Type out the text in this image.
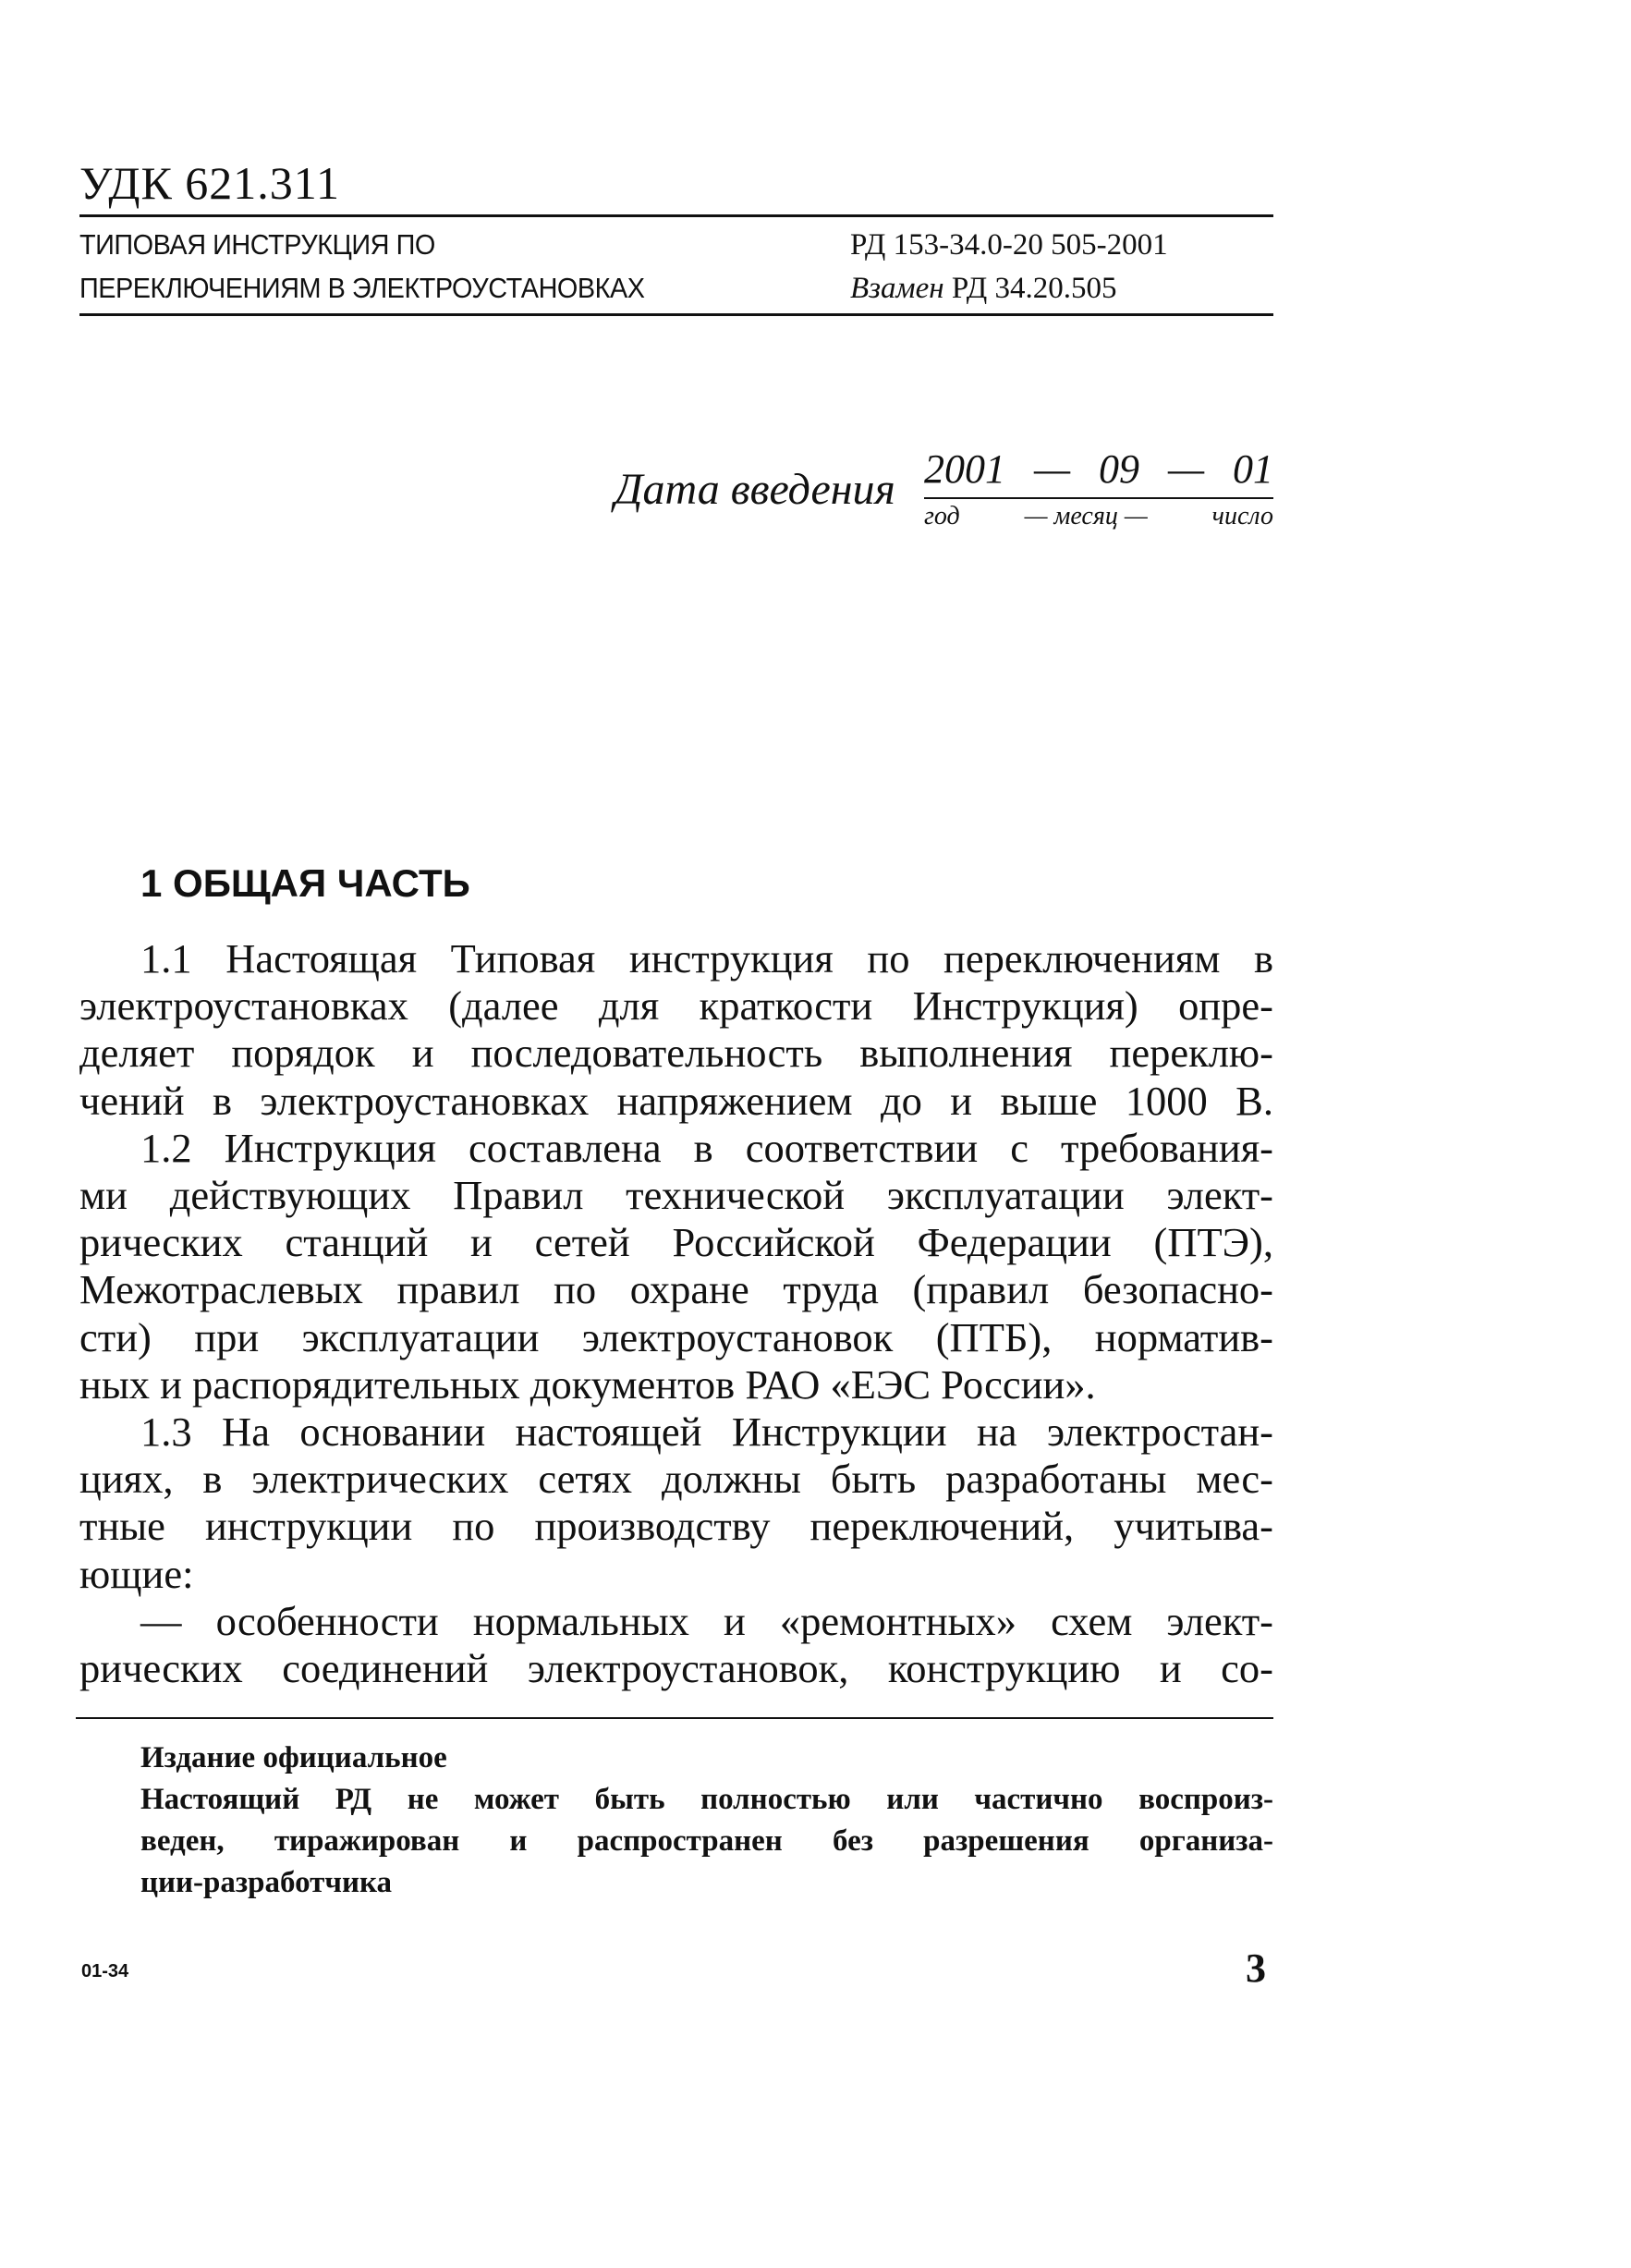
УДК 621.311
ТИПОВАЯ ИНСТРУКЦИЯ ПО
ПЕРЕКЛЮЧЕНИЯМ В ЭЛЕКТРОУСТАНОВКАХ
РД 153-34.0-20 505-2001
Взамен РД 34.20.505
Дата введения 2001 — 09 — 01
год — месяц — число
1 ОБЩАЯ ЧАСТЬ
1.1 Настоящая Типовая инструкция по переключениям в
электроустановках (далее для краткости Инструкция) опре-
деляет порядок и последовательность выполнения переклю-
чений в электроустановках напряжением до и выше 1000 В.
1.2 Инструкция составлена в соответствии с требования-
ми действующих Правил технической эксплуатации элект-
рических станций и сетей Российской Федерации (ПТЭ),
Межотраслевых правил по охране труда (правил безопасно-
сти) при эксплуатации электроустановок (ПТБ), норматив-
ных и распорядительных документов РАО «ЕЭС России».
1.3 На основании настоящей Инструкции на электростан-
циях, в электрических сетях должны быть разработаны мес-
тные инструкции по производству переключений, учитыва-
ющие:
— особенности нормальных и «ремонтных» схем элект-
рических соединений электроустановок, конструкцию и со-
Издание официальное
Настоящий РД не может быть полностью или частично воспроиз-
веден, тиражирован и распространен без разрешения организа-
ции-разработчика
01-34	3
